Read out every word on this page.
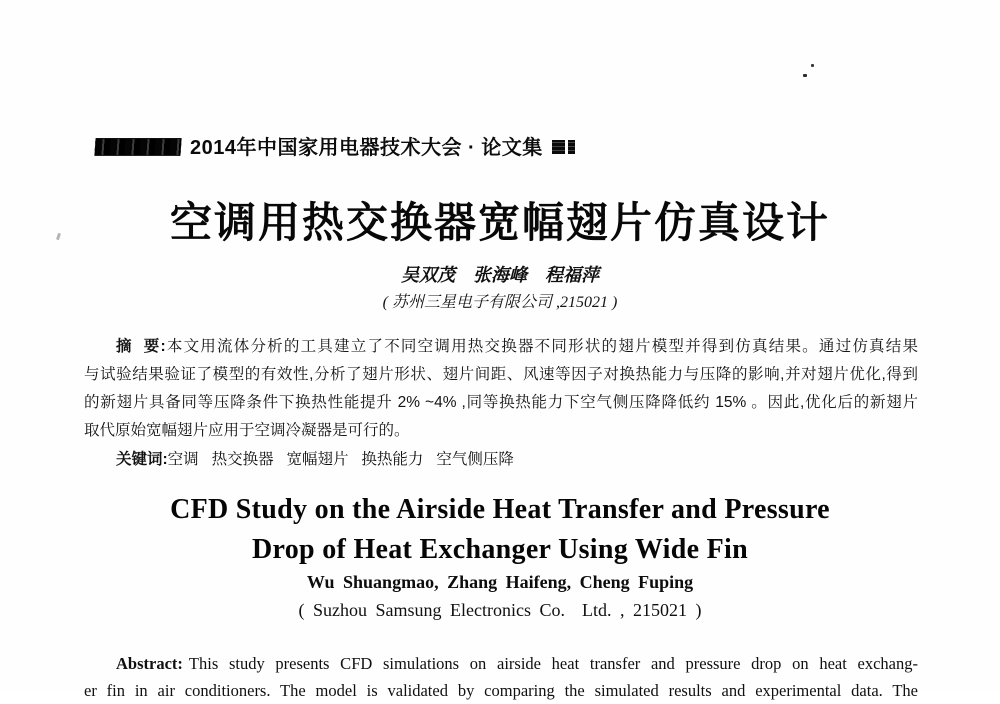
2014年中国家用电器技术大会 · 论文集
空调用热交换器宽幅翅片仿真设计
吴双茂    张海峰    程福萍
( 苏州三星电子有限公司 ,215021 )
摘  要:本文用流体分析的工具建立了不同空调用热交换器不同形状的翅片模型并得到仿真结果。通过仿真结果
与试验结果验证了模型的有效性,分析了翅片形状、翅片间距、风速等因子对换热能力与压降的影响,并对翅片优化,得到
的新翅片具备同等压降条件下换热性能提升 2% ~4% ,同等换热能力下空气侧压降降低约 15% 。因此,优化后的新翅片
取代原始宽幅翅片应用于空调冷凝器是可行的。
关键词:空调   热交换器   宽幅翅片   换热能力   空气侧压降
CFD Study on the Airside Heat Transfer and Pressure
Drop of Heat Exchanger Using Wide Fin
Wu Shuangmao, Zhang Haifeng, Cheng Fuping
( Suzhou Samsung Electronics Co.  Ltd. , 215021 )
Abstract: This study presents CFD simulations on airside heat transfer and pressure drop on heat exchang-
er fin in air conditioners. The model is validated by comparing the simulated results and experimental data. The
